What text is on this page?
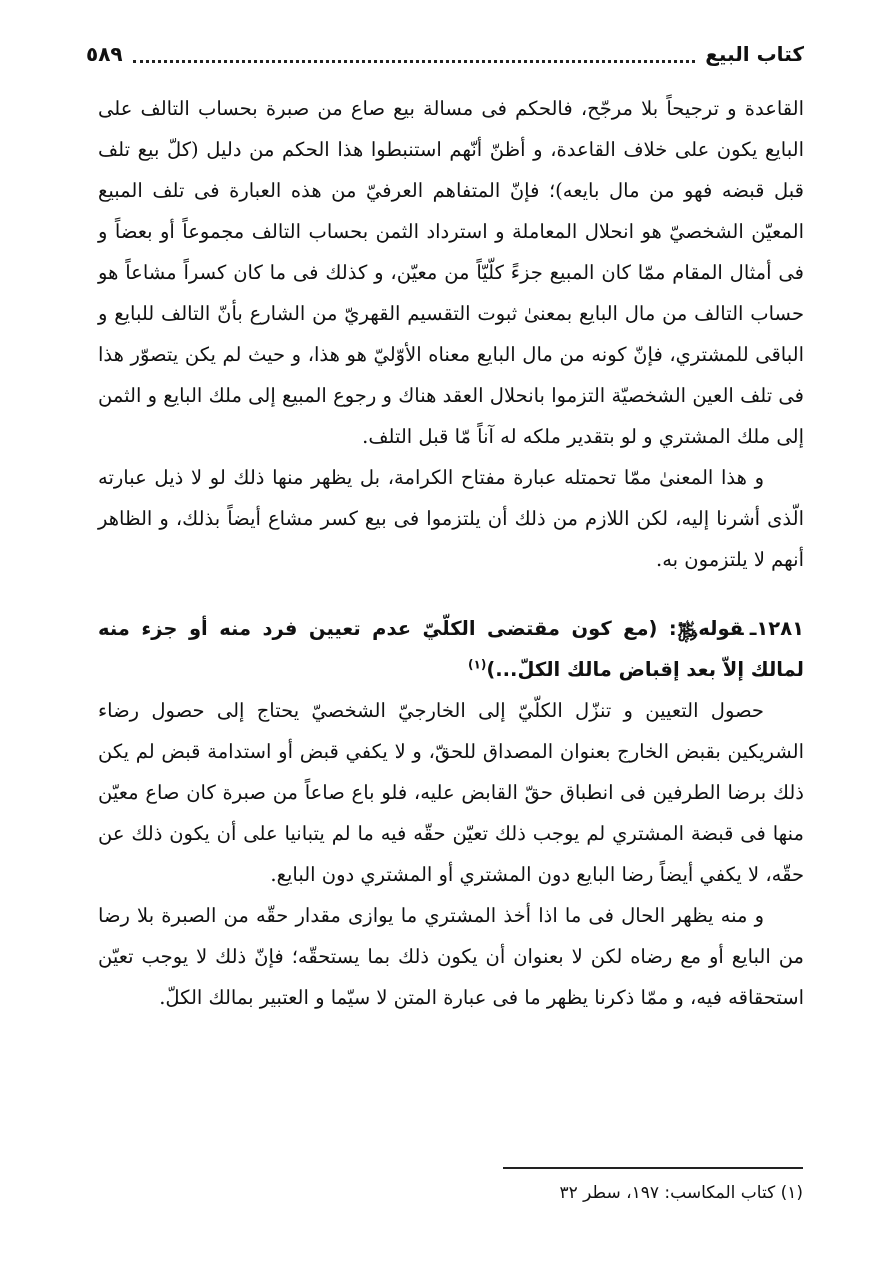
كتاب البيع
٥٨٩

القاعدة و ترجيحاً بلا مرجّح، فالحكم فى مسالة بيع صاع من صبرة بحساب التالف على البايع يكون على خلاف القاعدة، و أظنّ أنّهم استنبطوا هذا الحكم من دليل (كلّ بيع تلف قبل قبضه فهو من مال بايعه)؛ فإنّ المتفاهم العرفيّ من هذه العبارة فى تلف المبيع المعيّن الشخصيّ هو انحلال المعاملة و استرداد الثمن بحساب التالف مجموعاً أو بعضاً و فى أمثال المقام ممّا كان المبيع جزءً كلّيّاً من معيّن، و كذلك فى ما كان كسراً مشاعاً هو حساب التالف من مال البايع بمعنىٰ ثبوت التقسيم القهريّ من الشارع بأنّ التالف للبايع و الباقى للمشتري، فإنّ كونه من مال البايع معناه الأوّليّ هو هذا، و حيث لم يكن يتصوّر هذا فى تلف العين الشخصيّة التزموا بانحلال العقد هناك و رجوع المبيع إلى ملك البايع و الثمن إلى ملك المشتري و لو بتقدير ملكه له آناً مّا قبل التلف.

و هذا المعنىٰ ممّا تحمتله عبارة مفتاح الكرامة، بل يظهر منها ذلك لو لا ذيل عبارته الّذى أشرنا إليه، لكن اللازم من ذلك أن يلتزموا فى بيع كسر مشاع أيضاً بذلك، و الظاهر أنهم لا يلتزمون به.

١٢٨١ـقوله﷿: (مع كون مقتضى الكلّيّ عدم تعيين فرد منه أو جزء منه لمالك إلاّ بعد إقباض مالك الكلّ...)$^{(١)}$

حصول التعيين و تنزّل الكلّيّ إلى الخارجيّ الشخصيّ يحتاج إلى حصول رضاء الشريكين بقبض الخارج بعنوان المصداق للحقّ، و لا يكفي قبض أو استدامة قبض لم يكن ذلك برضا الطرفين فى انطباق حقّ القابض عليه، فلو باع صاعاً من صبرة كان صاع معيّن منها فى قبضة المشتري لم يوجب ذلك تعيّن حقّه فيه ما لم يتبانيا على أن يكون ذلك عن حقّه، لا يكفي أيضاً رضا البايع دون المشتري أو المشتري دون البايع.

و منه يظهر الحال فى ما اذا أخذ المشتري ما يوازى مقدار حقّه من الصبرة بلا رضا من البايع أو مع رضاه لكن لا بعنوان أن يكون ذلك بما يستحقّه؛ فإنّ ذلك لا يوجب تعيّن استحقاقه فيه، و ممّا ذكرنا يظهر ما فى عبارة المتن لا سيّما و العتبير بمالك الكلّ.

(١) كتاب المكاسب: ١٩٧، سطر ٣٢
